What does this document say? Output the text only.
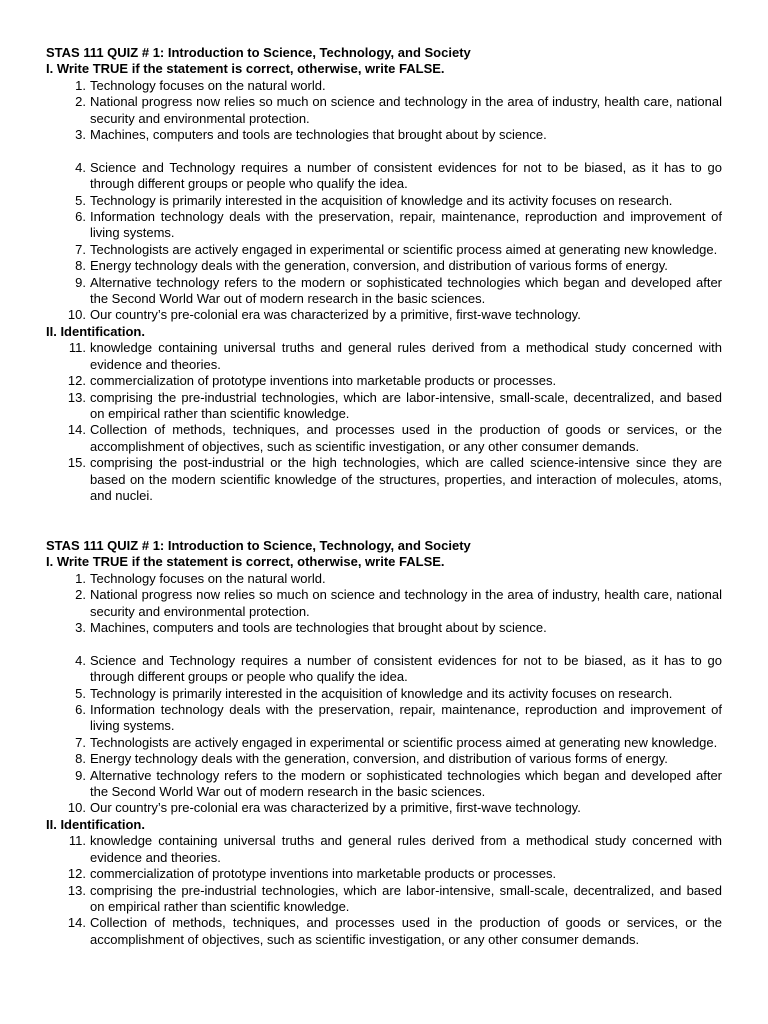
STAS 111 QUIZ # 1: Introduction to Science, Technology, and Society
I. Write TRUE if the statement is correct, otherwise, write FALSE.
1. Technology focuses on the natural world.
2. National progress now relies so much on science and technology in the area of industry, health care, national security and environmental protection.
3. Machines, computers and tools are technologies that brought about by science.
4. Science and Technology requires a number of consistent evidences for not to be biased, as it has to go through different groups or people who qualify the idea.
5. Technology is primarily interested in the acquisition of knowledge and its activity focuses on research.
6. Information technology deals with the preservation, repair, maintenance, reproduction and improvement of living systems.
7. Technologists are actively engaged in experimental or scientific process aimed at generating new knowledge.
8. Energy technology deals with the generation, conversion, and distribution of various forms of energy.
9. Alternative technology refers to the modern or sophisticated technologies which began and developed after the Second World War out of modern research in the basic sciences.
10. Our country’s pre-colonial era was characterized by a primitive, first-wave technology.
II. Identification.
11. knowledge containing universal truths and general rules derived from a methodical study concerned with evidence and theories.
12. commercialization of prototype inventions into marketable products or processes.
13. comprising the pre-industrial technologies, which are labor-intensive, small-scale, decentralized, and based on empirical rather than scientific knowledge.
14. Collection of methods, techniques, and processes used in the production of goods or services, or the accomplishment of objectives, such as scientific investigation, or any other consumer demands.
15. comprising the post-industrial or the high technologies, which are called science-intensive since they are based on the modern scientific knowledge of the structures, properties, and interaction of molecules, atoms, and nuclei.
STAS 111 QUIZ # 1: Introduction to Science, Technology, and Society
I. Write TRUE if the statement is correct, otherwise, write FALSE.
1. Technology focuses on the natural world.
2. National progress now relies so much on science and technology in the area of industry, health care, national security and environmental protection.
3. Machines, computers and tools are technologies that brought about by science.
4. Science and Technology requires a number of consistent evidences for not to be biased, as it has to go through different groups or people who qualify the idea.
5. Technology is primarily interested in the acquisition of knowledge and its activity focuses on research.
6. Information technology deals with the preservation, repair, maintenance, reproduction and improvement of living systems.
7. Technologists are actively engaged in experimental or scientific process aimed at generating new knowledge.
8. Energy technology deals with the generation, conversion, and distribution of various forms of energy.
9. Alternative technology refers to the modern or sophisticated technologies which began and developed after the Second World War out of modern research in the basic sciences.
10. Our country’s pre-colonial era was characterized by a primitive, first-wave technology.
II. Identification.
11. knowledge containing universal truths and general rules derived from a methodical study concerned with evidence and theories.
12. commercialization of prototype inventions into marketable products or processes.
13. comprising the pre-industrial technologies, which are labor-intensive, small-scale, decentralized, and based on empirical rather than scientific knowledge.
14. Collection of methods, techniques, and processes used in the production of goods or services, or the accomplishment of objectives, such as scientific investigation, or any other consumer demands.
